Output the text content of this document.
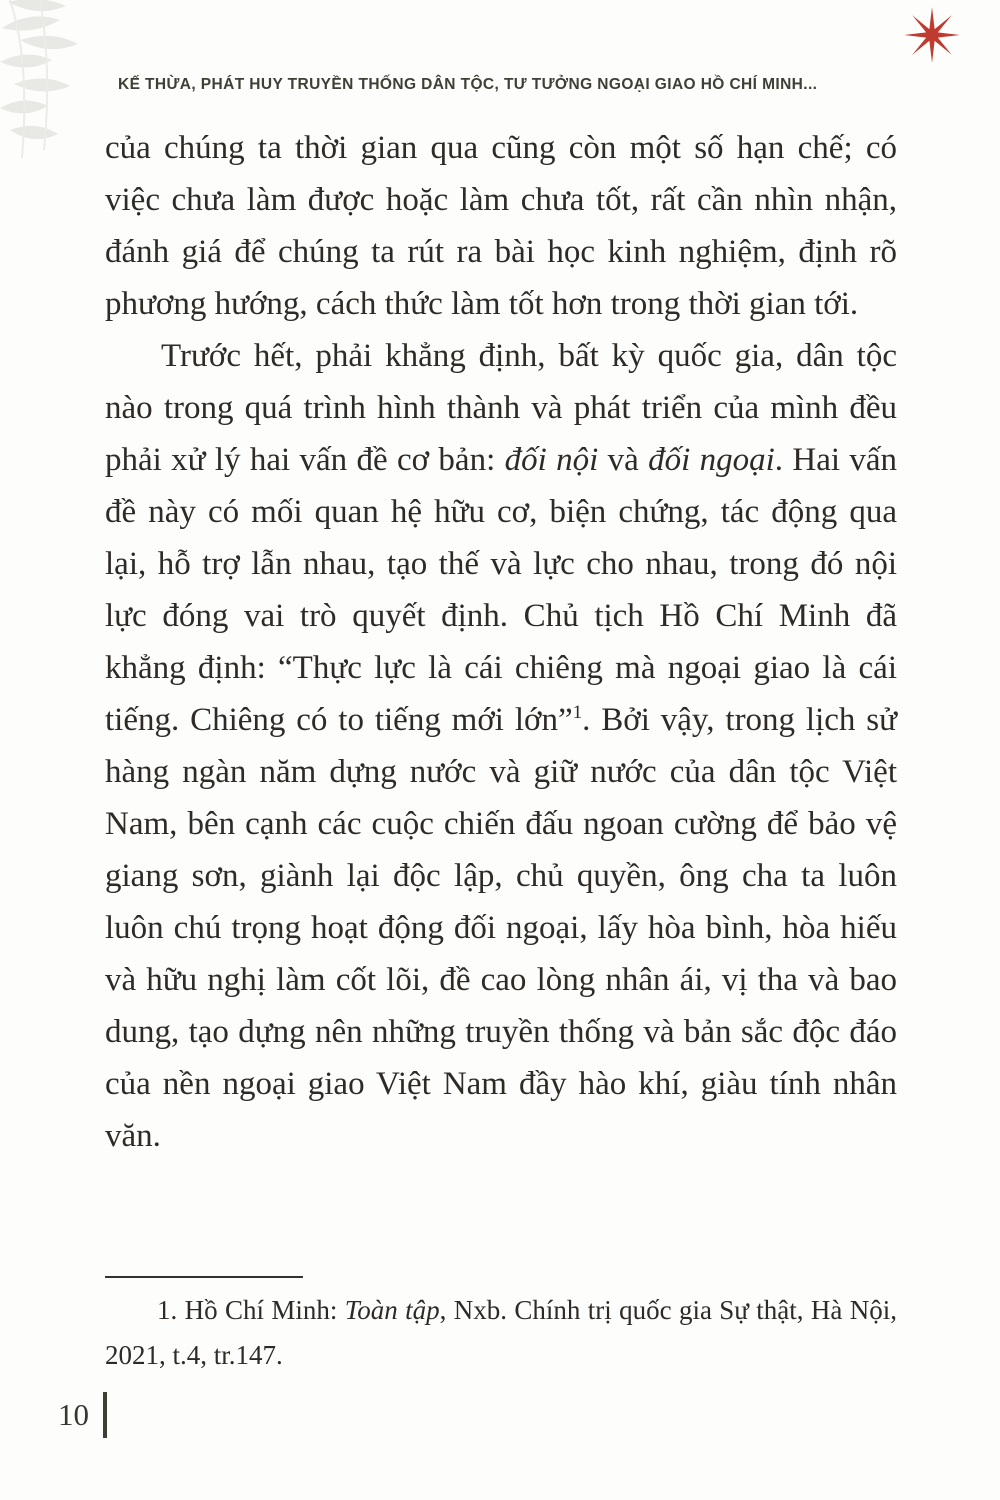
KẾ THỪA, PHÁT HUY TRUYỀN THỐNG DÂN TỘC, TƯ TƯỞNG NGOẠI GIAO HỒ CHÍ MINH...

của chúng ta thời gian qua cũng còn một số hạn chế; có việc chưa làm được hoặc làm chưa tốt, rất cần nhìn nhận, đánh giá để chúng ta rút ra bài học kinh nghiệm, định rõ phương hướng, cách thức làm tốt hơn trong thời gian tới.

Trước hết, phải khẳng định, bất kỳ quốc gia, dân tộc nào trong quá trình hình thành và phát triển của mình đều phải xử lý hai vấn đề cơ bản: đối nội và đối ngoại. Hai vấn đề này có mối quan hệ hữu cơ, biện chứng, tác động qua lại, hỗ trợ lẫn nhau, tạo thế và lực cho nhau, trong đó nội lực đóng vai trò quyết định. Chủ tịch Hồ Chí Minh đã khẳng định: “Thực lực là cái chiêng mà ngoại giao là cái tiếng. Chiêng có to tiếng mới lớn”$^1$. Bởi vậy, trong lịch sử hàng ngàn năm dựng nước và giữ nước của dân tộc Việt Nam, bên cạnh các cuộc chiến đấu ngoan cường để bảo vệ giang sơn, giành lại độc lập, chủ quyền, ông cha ta luôn luôn chú trọng hoạt động đối ngoại, lấy hòa bình, hòa hiếu và hữu nghị làm cốt lõi, đề cao lòng nhân ái, vị tha và bao dung, tạo dựng nên những truyền thống và bản sắc độc đáo của nền ngoại giao Việt Nam đầy hào khí, giàu tính nhân văn.

1. Hồ Chí Minh: Toàn tập, Nxb. Chính trị quốc gia Sự thật, Hà Nội, 2021, t.4, tr.147.

10
